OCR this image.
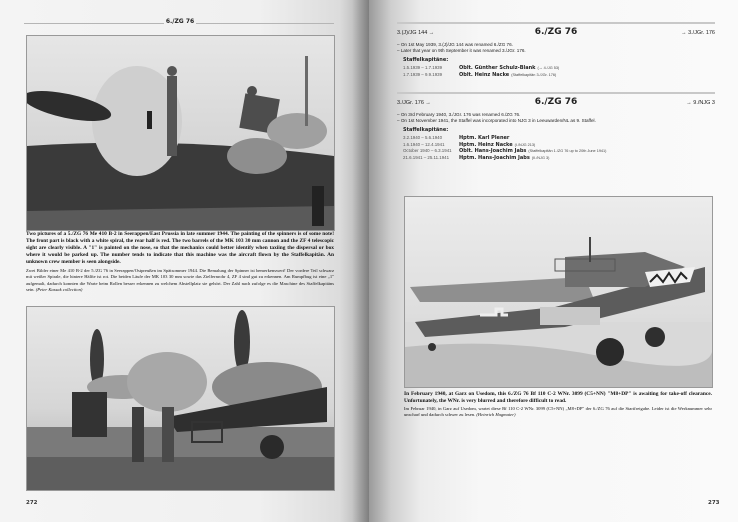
6./ZG 76
Two pictures of a 5./ZG 76 Me 410 B-2 in Seerappen/East Prussia in late summer 1944. The painting of the spinners is of some note! The front part is black with a white spiral, the rear half is red. The two barrels of the MK 103 30 mm cannon and the ZF 4 telescopic sight are clearly visible. A "1" is painted on the nose, so that the mechanics could better identify when taxiing the dispersal or box where it would be parked up. The number tends to indicate that this machine was the aircraft flown by the Staffelkapitän. An unknown crew member is seen alongside.
Zwei Bilder einer Me 410 B-2 der 5./ZG 76 in Seerappen/Ostpreußen im Spätsommer 1944. Die Bemalung der Spinner ist bemerkenswert! Der vordere Teil schwarz mit weißer Spirale, die hintere Hälfte ist rot. Die beiden Läufe der MK 103 30 mm sowie das Zielfernrohr 4, ZF 4 sind gut zu erkennen. Am Rumpfbug ist eine „1" aufgemalt, dadurch konnten die Warte beim Rollen besser erkennen zu welchem Abstellplatz sie gehört. Der Zahl nach zufolge es die Maschine des Staffelkapitäns sein. (Peter Kassak collection)
272
3.(J)/JG 144 →	6./ZG 76	→ 3./JGr. 176
– On 1st May 1939, 3.(J)/JG 144 was renamed 6./ZG 76.
– Later that year on 9th September it was renamed 3./JGr. 176.
Staffelkapitäne:
1.5.1939 – 1.7.1939	Oblt. Günther Schulz-Blank (→ 4./JG 53)
1.7.1939 – 9.9.1939	Oblt. Heinz Nacke (Staffelkapitän 3./JGr. 176)
3./JGr. 176 →	6./ZG 76	→ 9./NJG 3
– On 3rd February 1940, 3./JGr. 176 was renamed 6./ZG 76.
– On 1st November 1941, the Staffel was incorporated into NJG 3 in Leeuwarden/NL as 9. Staffel.
Staffelkapitäne:
3.2.1940 – 5.6.1940	Hptm. Karl Plener
1.6.1940 – 12.4.1941	Hptm. Heinz Nacke (I./NJG 213)
October 1940 – 6.3.1941	Oblt. Hans-Joachim Jabs (Staffelkapitän 1./ZG 76 up to 20th June 1941)
21.6.1941 – 25.11.1941	Hptm. Hans-Joachim Jabs (II./NJG 3)
In February 1940, at Garz on Usedom, this 6./ZG 76 Bf 110 C-2 WNr. 3099 (C5+NN) "M8+DP" is awaiting for take-off clearance. Unfortunately, the WNr. is very blurred and therefore difficult to read.
Im Februar 1940, in Garz auf Usedom, wartet diese Bf 110 C-2 WNr. 3099 (C5+NN) „M8+DP" der 6./ZG 76 auf die Startfreigabe. Leider ist die Werknummer sehr unscharf und dadurch schwer zu lesen. (Heinrich Hagmaier)
273
